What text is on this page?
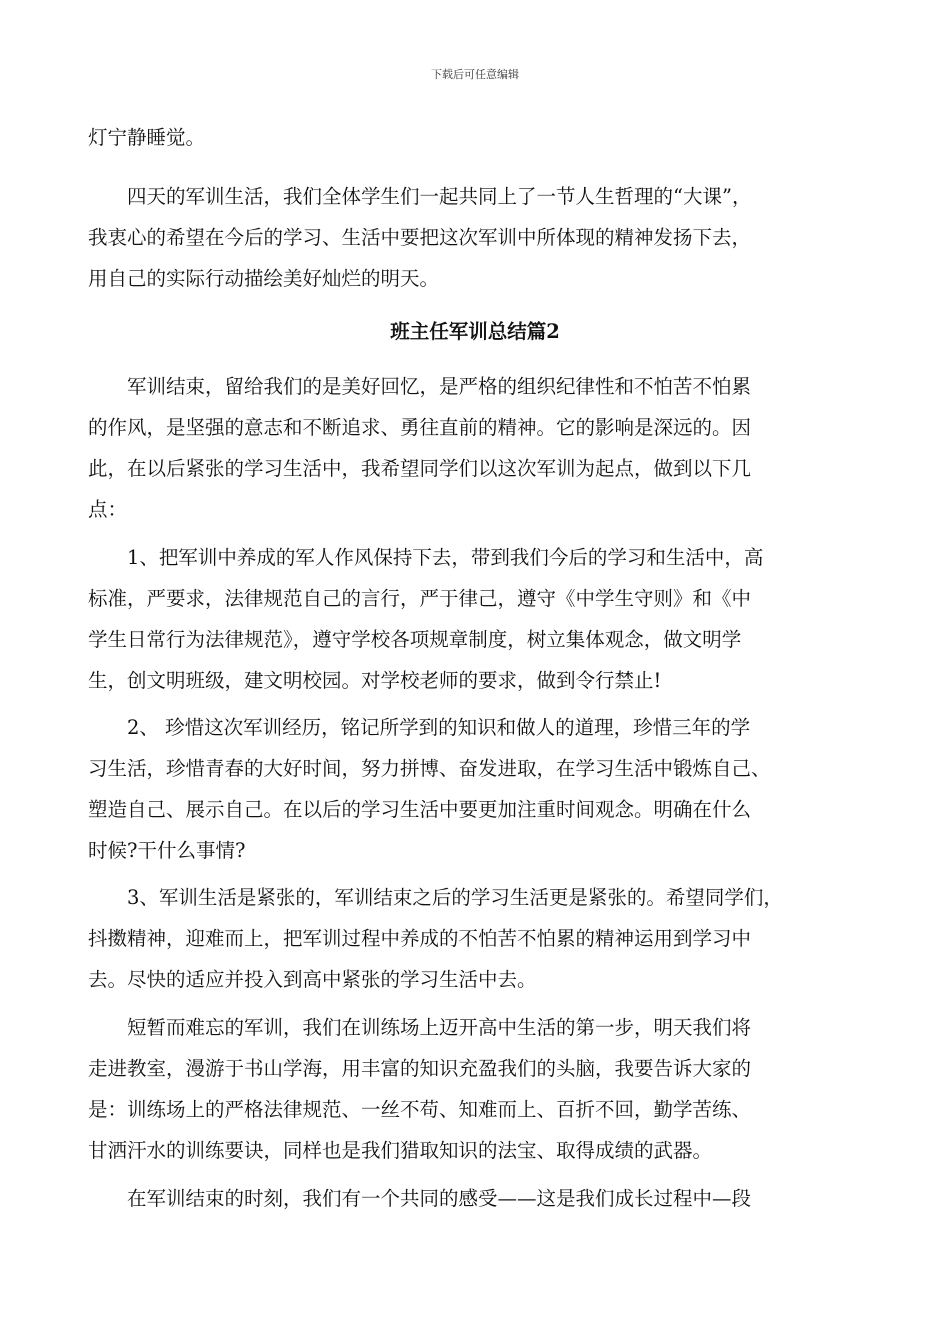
下载后可任意编辑
灯宁静睡觉。
　　四天的军训生活，我们全体学生们一起共同上了一节人生哲理的“大课”，
我衷心的希望在今后的学习、生活中要把这次军训中所体现的精神发扬下去，
用自己的实际行动描绘美好灿烂的明天。
班主任军训总结篇2
　　军训结束，留给我们的是美好回忆，是严格的组织纪律性和不怕苦不怕累
的作风，是坚强的意志和不断追求、勇往直前的精神。它的影响是深远的。因
此，在以后紧张的学习生活中，我希望同学们以这次军训为起点，做到以下几
点：
　　1、把军训中养成的军人作风保持下去，带到我们今后的学习和生活中，高
标准，严要求，法律规范自己的言行，严于律己，遵守《中学生守则》和《中
学生日常行为法律规范》，遵守学校各项规章制度，树立集体观念，做文明学
生，创文明班级，建文明校园。对学校老师的要求，做到令行禁止!
　　2、 珍惜这次军训经历，铭记所学到的知识和做人的道理，珍惜三年的学
习生活，珍惜青春的大好时间，努力拼博、奋发进取，在学习生活中锻炼自己、
塑造自己、展示自己。在以后的学习生活中要更加注重时间观念。明确在什么
时候?干什么事情?
　　3、军训生活是紧张的，军训结束之后的学习生活更是紧张的。希望同学们，
抖擞精神，迎难而上，把军训过程中养成的不怕苦不怕累的精神运用到学习中
去。尽快的适应并投入到高中紧张的学习生活中去。
　　短暂而难忘的军训，我们在训练场上迈开高中生活的第一步，明天我们将
走进教室，漫游于书山学海，用丰富的知识充盈我们的头脑，我要告诉大家的
是：训练场上的严格法律规范、一丝不苟、知难而上、百折不回，勤学苦练、
甘洒汗水的训练要诀，同样也是我们猎取知识的法宝、取得成绩的武器。
　　在军训结束的时刻，我们有一个共同的感受——这是我们成长过程中—段
